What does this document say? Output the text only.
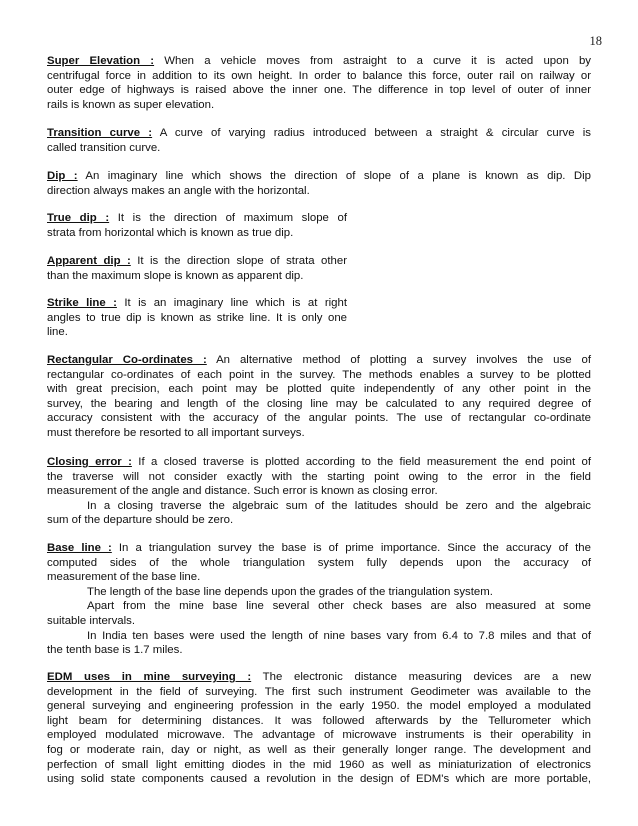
18
Super Elevation : When a vehicle moves from astraight to a curve it is acted upon by
centrifugal force in addition to its own height. In order to balance this force, outer rail on railway or
outer edge of highways is raised above the inner one. The difference in top level of outer of inner
rails is known as super elevation.
Transition curve : A curve of varying radius introduced between a straight & circular curve is
called transition curve.
Dip : An imaginary line which shows the direction of slope of a plane is known as dip. Dip
direction always makes an angle with the horizontal.
True dip : It is the direction of maximum slope of
strata from horizontal which is known as true dip.
Apparent dip : It is the direction slope of strata other
than the maximum slope is known as apparent dip.
Strike line : It is an imaginary line which is at right
angles to true dip is known as strike line. It is only one
line.
Rectangular Co-ordinates : An alternative method of plotting a survey involves the use of
rectangular co-ordinates of each point in the survey. The methods enables a survey to be plotted
with great precision, each point may be plotted quite independently of any other point in the
survey, the bearing and length of the closing line may be calculated to any required degree of
accuracy consistent with the accuracy of the angular points. The use of rectangular co-ordinate
must therefore be resorted to all important surveys.
Closing error : If a closed traverse is plotted according to the field measurement the end point of
the traverse will not consider exactly with the starting point owing to the error in the field
measurement of the angle and distance. Such error is known as closing error.
In a closing traverse the algebraic sum of the latitudes should be zero and the algebraic
sum of the departure should be zero.
Base line : In a triangulation survey the base is of prime importance. Since the accuracy of the
computed sides of the whole triangulation system fully depends upon the accuracy of
measurement of the base line.
The length of the base line depends upon the grades of the triangulation system.
Apart from the mine base line several other check bases are also measured at some
suitable intervals.
In India ten bases were used the length of nine bases vary from 6.4 to 7.8 miles and that of
the tenth base is 1.7 miles.
EDM uses in mine surveying : The electronic distance measuring devices are a new
development in the field of surveying. The first such instrument Geodimeter was available to the
general surveying and engineering profession in the early 1950. the model employed a modulated
light beam for determining distances. It was followed afterwards by the Tellurometer which
employed modulated microwave. The advantage of microwave instruments is their operability in
fog or moderate rain, day or night, as well as their generally longer range. The development and
perfection of small light emitting diodes in the mid 1960 as well as miniaturization of electronics
using solid state components caused a revolution in the design of EDM's which are more portable,
